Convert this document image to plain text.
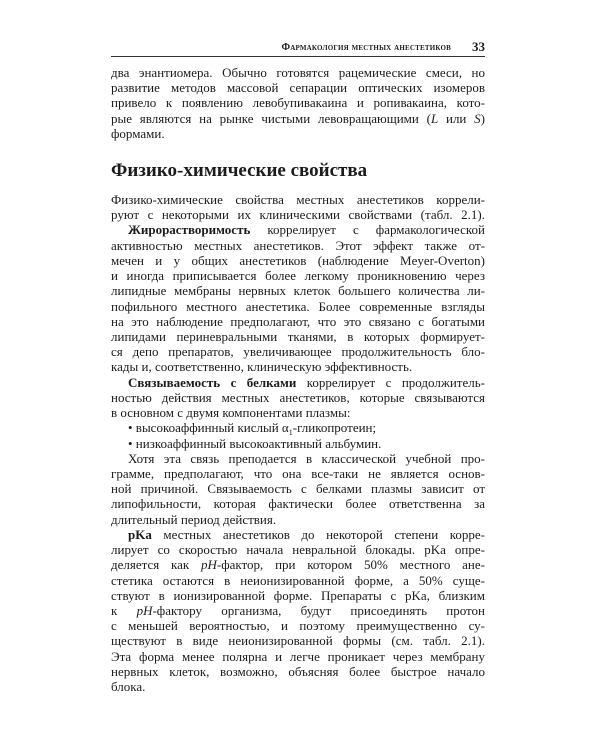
Фармакология местных анестетиков 33
два энантиомера. Обычно готовятся рацемические смеси, но
развитие методов массовой сепарации оптических изомеров
привело к появлению левобупивакаина и ропивакаина, кото-
рые являются на рынке чистыми левовращающими (L или S)
формами.
Физико-химические свойства
Физико-химические свойства местных анестетиков коррели-
руют с некоторыми их клиническими свойствами (табл. 2.1).
Жирорастворимость коррелирует с фармакологической
активностью местных анестетиков. Этот эффект также от-
мечен и у общих анестетиков (наблюдение Meyer-Overton)
и иногда приписывается более легкому проникновению через
липидные мембраны нервных клеток большего количества ли-
пофильного местного анестетика. Более современные взгляды
на это наблюдение предполагают, что это связано с богатыми
липидами периневральными тканями, в которых формирует-
ся депо препаратов, увеличивающее продолжительность бло-
кады и, соответственно, клиническую эффективность.
Связываемость с белками коррелирует с продолжитель-
ностью действия местных анестетиков, которые связываются
в основном с двумя компонентами плазмы:
• высокоаффинный кислый $\alpha_1$-гликопротеин;
• низкоаффинный высокоактивный альбумин.
Хотя эта связь преподается в классической учебной про-
грамме, предполагают, что она все-таки не является основ-
ной причиной. Связываемость с белками плазмы зависит от
липофильности, которая фактически более ответственна за
длительный период действия.
pKa местных анестетиков до некоторой степени корре-
лирует со скоростью начала невральной блокады. pKa опре-
деляется как pH-фактор, при котором 50% местного ане-
стетика остаются в неионизированной форме, а 50% суще-
ствуют в ионизированной форме. Препараты с pKa, близким
к pH-фактору организма, будут присоединять протон
с меньшей вероятностью, и поэтому преимущественно су-
ществуют в виде неионизированной формы (см. табл. 2.1).
Эта форма менее полярна и легче проникает через мембрану
нервных клеток, возможно, объясняя более быстрое начало
блока.
